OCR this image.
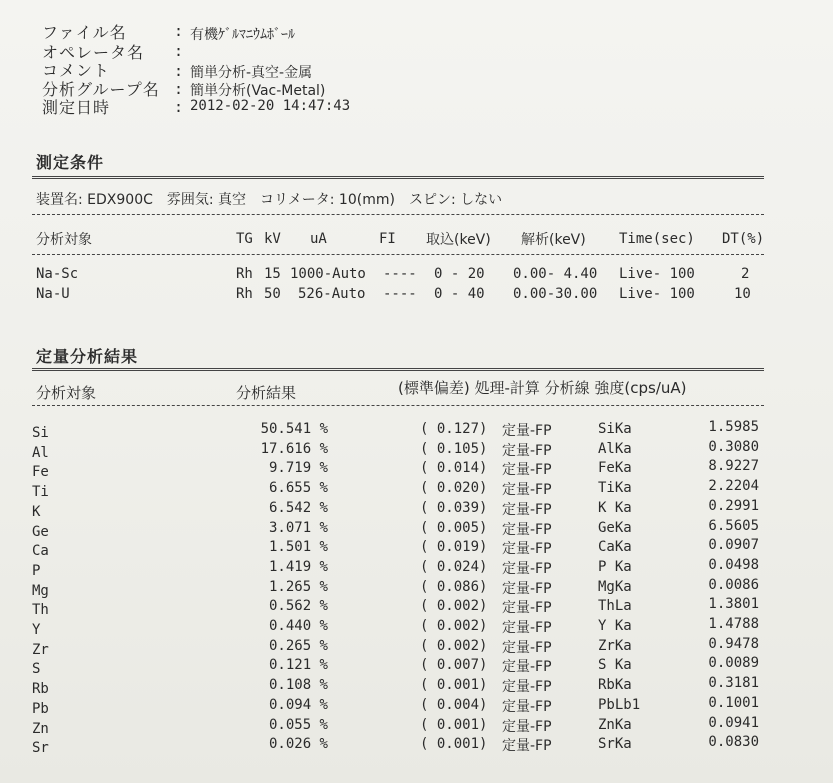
ファイル名	: 有機ｹﾞﾙﾏﾆｳﾑﾎﾞｰﾙ
オペレータ名 :
コメント	: 簡単分析-真空-金属
分析グループ名 : 簡単分析(Vac-Metal)
測定日時	: 2012-02-20 14:47:43
測定条件
装置名: EDX900C　雰囲気: 真空　コリメータ: 10(mm)　スピン: しない
分析対象	TG kV uA	FI 取込(keV) 解析(keV) Time(sec) DT(%)
Na-Sc	Rh 15 1000-Auto ---- 0 - 20 0.00- 4.40 Live- 100	2
Na-U	Rh 50 526-Auto ---- 0 - 40 0.00-30.00 Live- 100	10
定量分析結果
分析対象	分析結果	(標準偏差) 処理-計算 分析線 強度(cps/uA)
Si	50.541 %	( 0.127) 定量-FP	SiKa	1.5985
Al	17.616 %	( 0.105) 定量-FP	AlKa	0.3080
Fe	9.719 %	( 0.014) 定量-FP	FeKa	8.9227
Ti	6.655 %	( 0.020) 定量-FP	TiKa	2.2204
K	6.542 %	( 0.039) 定量-FP	K Ka	0.2991
Ge	3.071 %	( 0.005) 定量-FP	GeKa	6.5605
Ca	1.501 %	( 0.019) 定量-FP	CaKa	0.0907
P	1.419 %	( 0.024) 定量-FP	P Ka	0.0498
Mg	1.265 %	( 0.086) 定量-FP	MgKa	0.0086
Th	0.562 %	( 0.002) 定量-FP	ThLa	1.3801
Y	0.440 %	( 0.002) 定量-FP	Y Ka	1.4788
Zr	0.265 %	( 0.002) 定量-FP	ZrKa	0.9478
S	0.121 %	( 0.007) 定量-FP	S Ka	0.0089
Rb	0.108 %	( 0.001) 定量-FP	RbKa	0.3181
Pb	0.094 %	( 0.004) 定量-FP	PbLb1	0.1001
Zn	0.055 %	( 0.001) 定量-FP	ZnKa	0.0941
Sr	0.026 %	( 0.001) 定量-FP	SrKa	0.0830
